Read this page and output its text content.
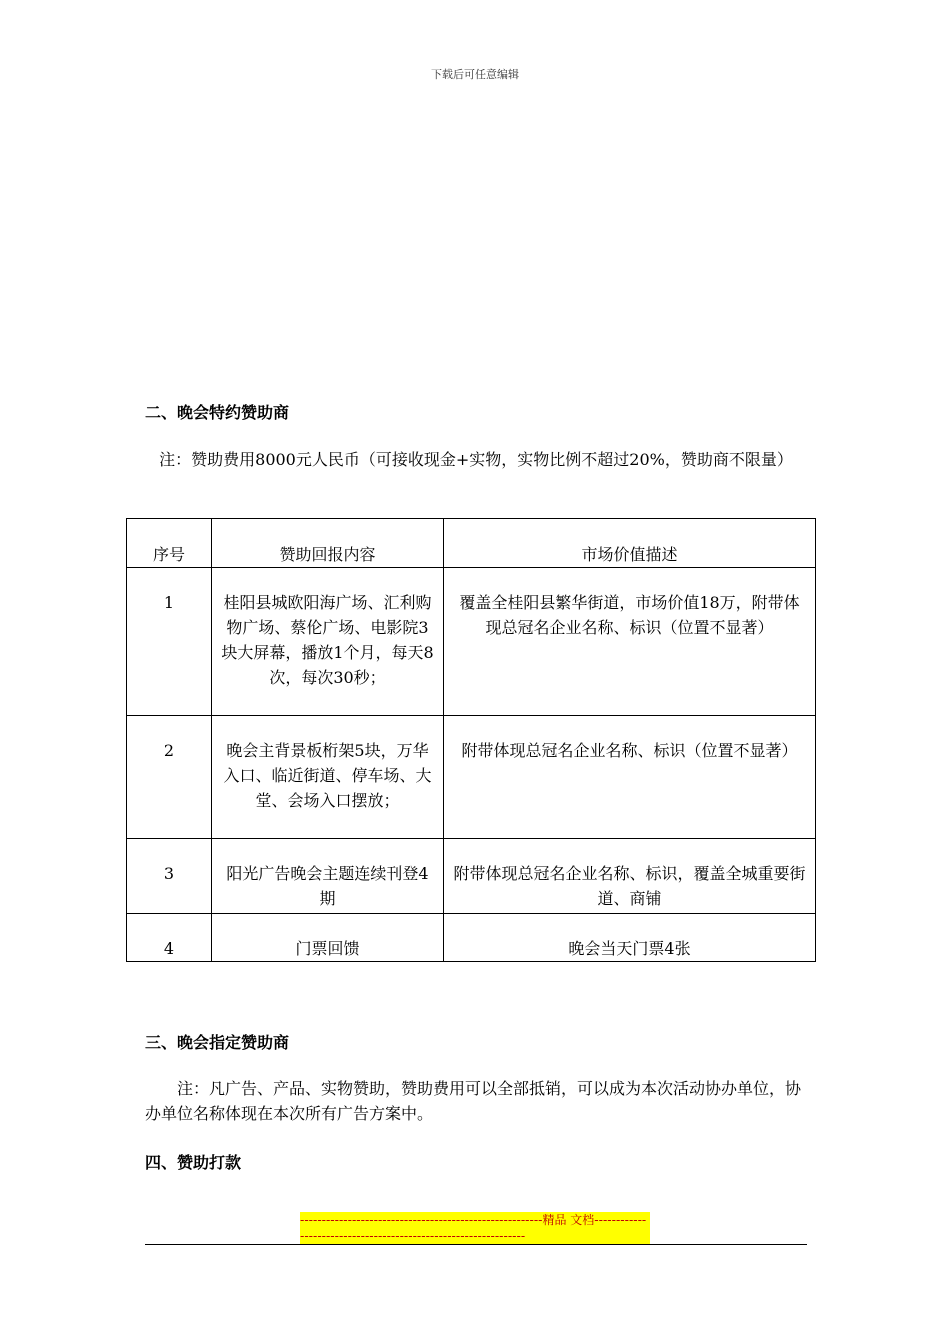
下载后可任意编辑
二、晚会特约赞助商
注：赞助费用8000元人民币（可接收现金+实物，实物比例不超过20%，赞助商不限量）
序号	赞助回报内容	市场价值描述
1	桂阳县城欧阳海广场、汇利购物广场、蔡伦广场、电影院3块大屏幕，播放1个月，每天8次，每次30秒；	覆盖全桂阳县繁华街道，市场价值18万，附带体现总冠名企业名称、标识（位置不显著）
2	晚会主背景板桁架5块，万华入口、临近街道、停车场、大堂、会场入口摆放；	附带体现总冠名企业名称、标识（位置不显著）
3	阳光广告晚会主题连续刊登4期	附带体现总冠名企业名称、标识，覆盖全城重要街道、商铺
4	门票回馈	晚会当天门票4张
三、晚会指定赞助商
注：凡广告、产品、实物赞助，赞助费用可以全部抵销，可以成为本次活动协办单位，协办单位名称体现在本次所有广告方案中。
四、赞助打款
--------------------------------------------------------精品 文档----------------------------------------------------------------
